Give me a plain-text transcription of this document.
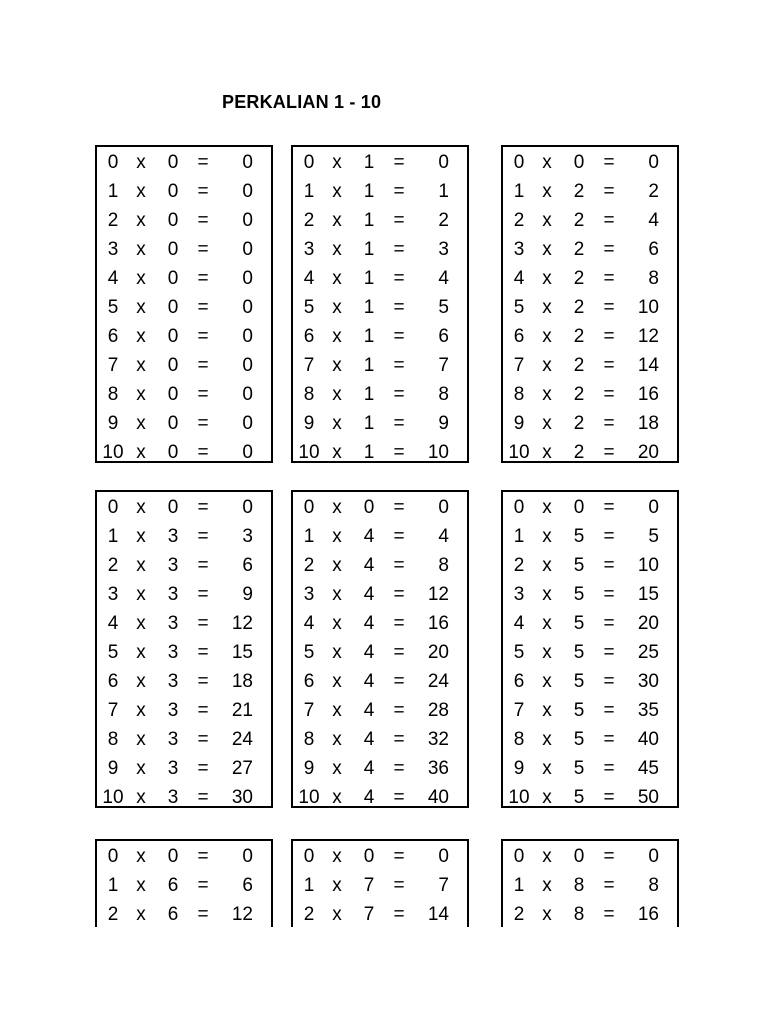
PERKALIAN 1 - 10
0 x	0	=	0
1 x	0	=	0
2 x	0	=	0
3 x	0	=	0
4 x	0	=	0
5 x	0	=	0
6 x	0	=	0
7 x	0	=	0
8 x	0	=	0
9 x	0	=	0
10 x	0	=	0
0 x	1	=	0
1 x	1	=	1
2 x	1	=	2
3 x	1	=	3
4 x	1	=	4
5 x	1	=	5
6 x	1	=	6
7 x	1	=	7
8 x	1	=	8
9 x	1	=	9
10 x	1	=	10
0 x	0	=	0
1 x	2	=	2
2 x	2	=	4
3 x	2	=	6
4 x	2	=	8
5 x	2	=	10
6 x	2	=	12
7 x	2	=	14
8 x	2	=	16
9 x	2	=	18
10 x	2	=	20
0 x	0	=	0
1 x	3	=	3
2 x	3	=	6
3 x	3	=	9
4 x	3	=	12
5 x	3	=	15
6 x	3	=	18
7 x	3	=	21
8 x	3	=	24
9 x	3	=	27
10 x	3	=	30
0 x	0	=	0
1 x	4	=	4
2 x	4	=	8
3 x	4	=	12
4 x	4	=	16
5 x	4	=	20
6 x	4	=	24
7 x	4	=	28
8 x	4	=	32
9 x	4	=	36
10 x	4	=	40
0 x	0	=	0
1 x	5	=	5
2 x	5	=	10
3 x	5	=	15
4 x	5	=	20
5 x	5	=	25
6 x	5	=	30
7 x	5	=	35
8 x	5	=	40
9 x	5	=	45
10 x	5	=	50
0 x	0	=	0
1 x	6	=	6
2 x	6	=	12
0 x	0	=	0
1 x	7	=	7
2 x	7	=	14
0 x	0	=	0
1 x	8	=	8
2 x	8	=	16
